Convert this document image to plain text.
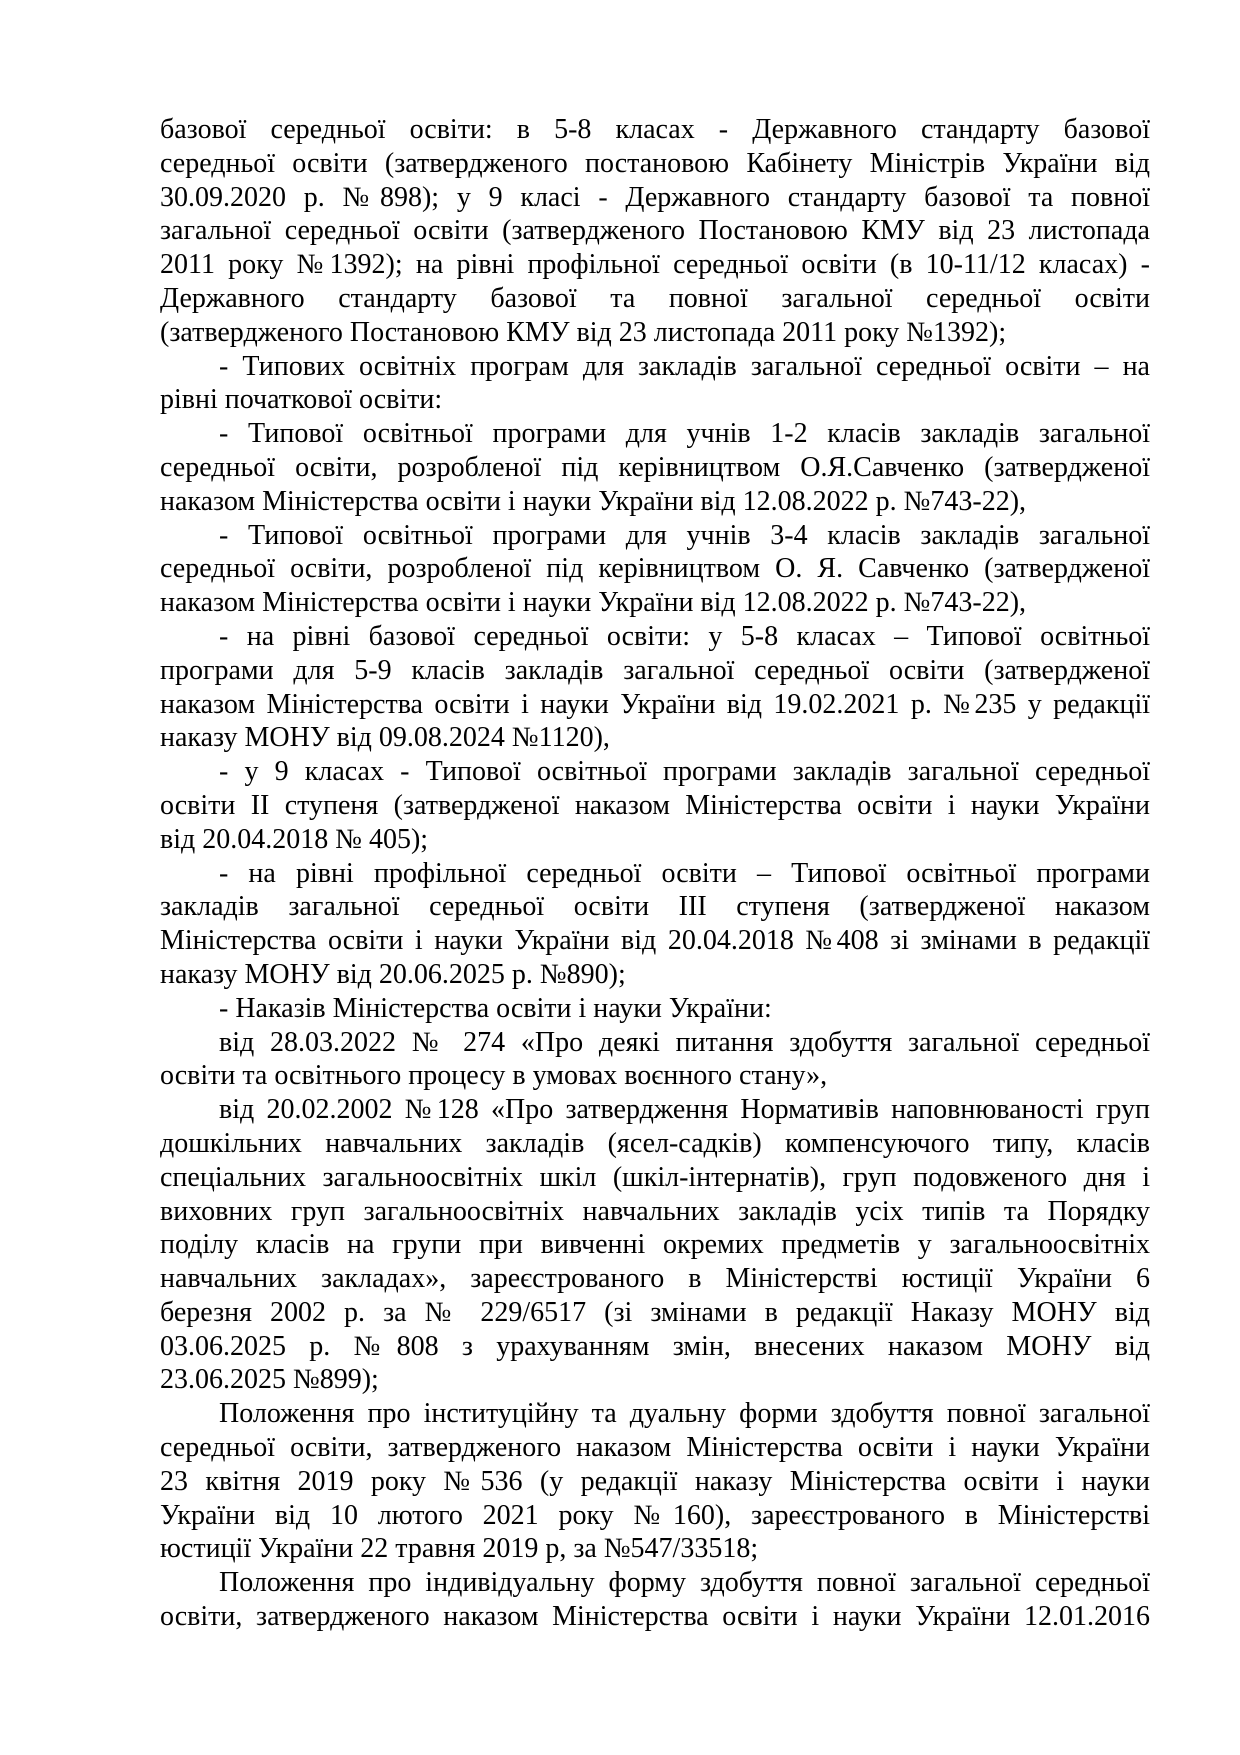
базової середньої освіти: в 5-8 класах - Державного стандарту базової
середньої освіти (затвердженого постановою Кабінету Міністрів України від
30.09.2020 р. №898); у 9 класі - Державного стандарту базової та повної
загальної середньої освіти (затвердженого Постановою КМУ від 23 листопада
2011 року №1392); на рівні профільної середньої освіти (в 10-11/12 класах) -
Державного стандарту базової та повної загальної середньої освіти
(затвердженого Постановою КМУ від 23 листопада 2011 року №1392);
- Типових освітніх програм для закладів загальної середньої освіти – на
рівні початкової освіти:
- Типової освітньої програми для учнів 1-2 класів закладів загальної
середньої освіти, розробленої під керівництвом О.Я.Савченко (затвердженої
наказом Міністерства освіти і науки України від 12.08.2022 р. №743-22),
- Типової освітньої програми для учнів 3-4 класів закладів загальної
середньої освіти, розробленої під керівництвом О. Я. Савченко (затвердженої
наказом Міністерства освіти і науки України від 12.08.2022 р. №743-22),
- на рівні базової середньої освіти: у 5-8 класах – Типової освітньої
програми для 5-9 класів закладів загальної середньої освіти (затвердженої
наказом Міністерства освіти і науки України від 19.02.2021 р. №235 у редакції
наказу МОНУ від 09.08.2024 №1120),
- у 9 класах - Типової освітньої програми закладів загальної середньої
освіти II ступеня (затвердженої наказом Міністерства освіти і науки України
від 20.04.2018 № 405);
- на рівні профільної середньої освіти – Типової освітньої програми
закладів загальної середньої освіти III ступеня (затвердженої наказом
Міністерства освіти і науки України від 20.04.2018 №408 зі змінами в редакції
наказу МОНУ від 20.06.2025 р. №890);
- Наказів Міністерства освіти і науки України:
від 28.03.2022 № 274 «Про деякі питання здобуття загальної середньої
освіти та освітнього процесу в умовах воєнного стану»,
від 20.02.2002 №128 «Про затвердження Нормативів наповнюваності груп
дошкільних навчальних закладів (ясел-садків) компенсуючого типу, класів
спеціальних загальноосвітніх шкіл (шкіл-інтернатів), груп подовженого дня і
виховних груп загальноосвітніх навчальних закладів усіх типів та Порядку
поділу класів на групи при вивченні окремих предметів у загальноосвітніх
навчальних закладах», зареєстрованого в Міністерстві юстиції України 6
березня 2002 р. за № 229/6517 (зі змінами в редакції Наказу МОНУ від
03.06.2025 р. №808 з урахуванням змін, внесених наказом МОНУ від
23.06.2025 №899);
Положення про інституційну та дуальну форми здобуття повної загальної
середньої освіти, затвердженого наказом Міністерства освіти і науки України
23 квітня 2019 року №536 (у редакції наказу Міністерства освіти і науки
України від 10 лютого 2021 року №160), зареєстрованого в Міністерстві
юстиції України 22 травня 2019 р, за №547/33518;
Положення про індивідуальну форму здобуття повної загальної середньої
освіти, затвердженого наказом Міністерства освіти і науки України 12.01.2016
